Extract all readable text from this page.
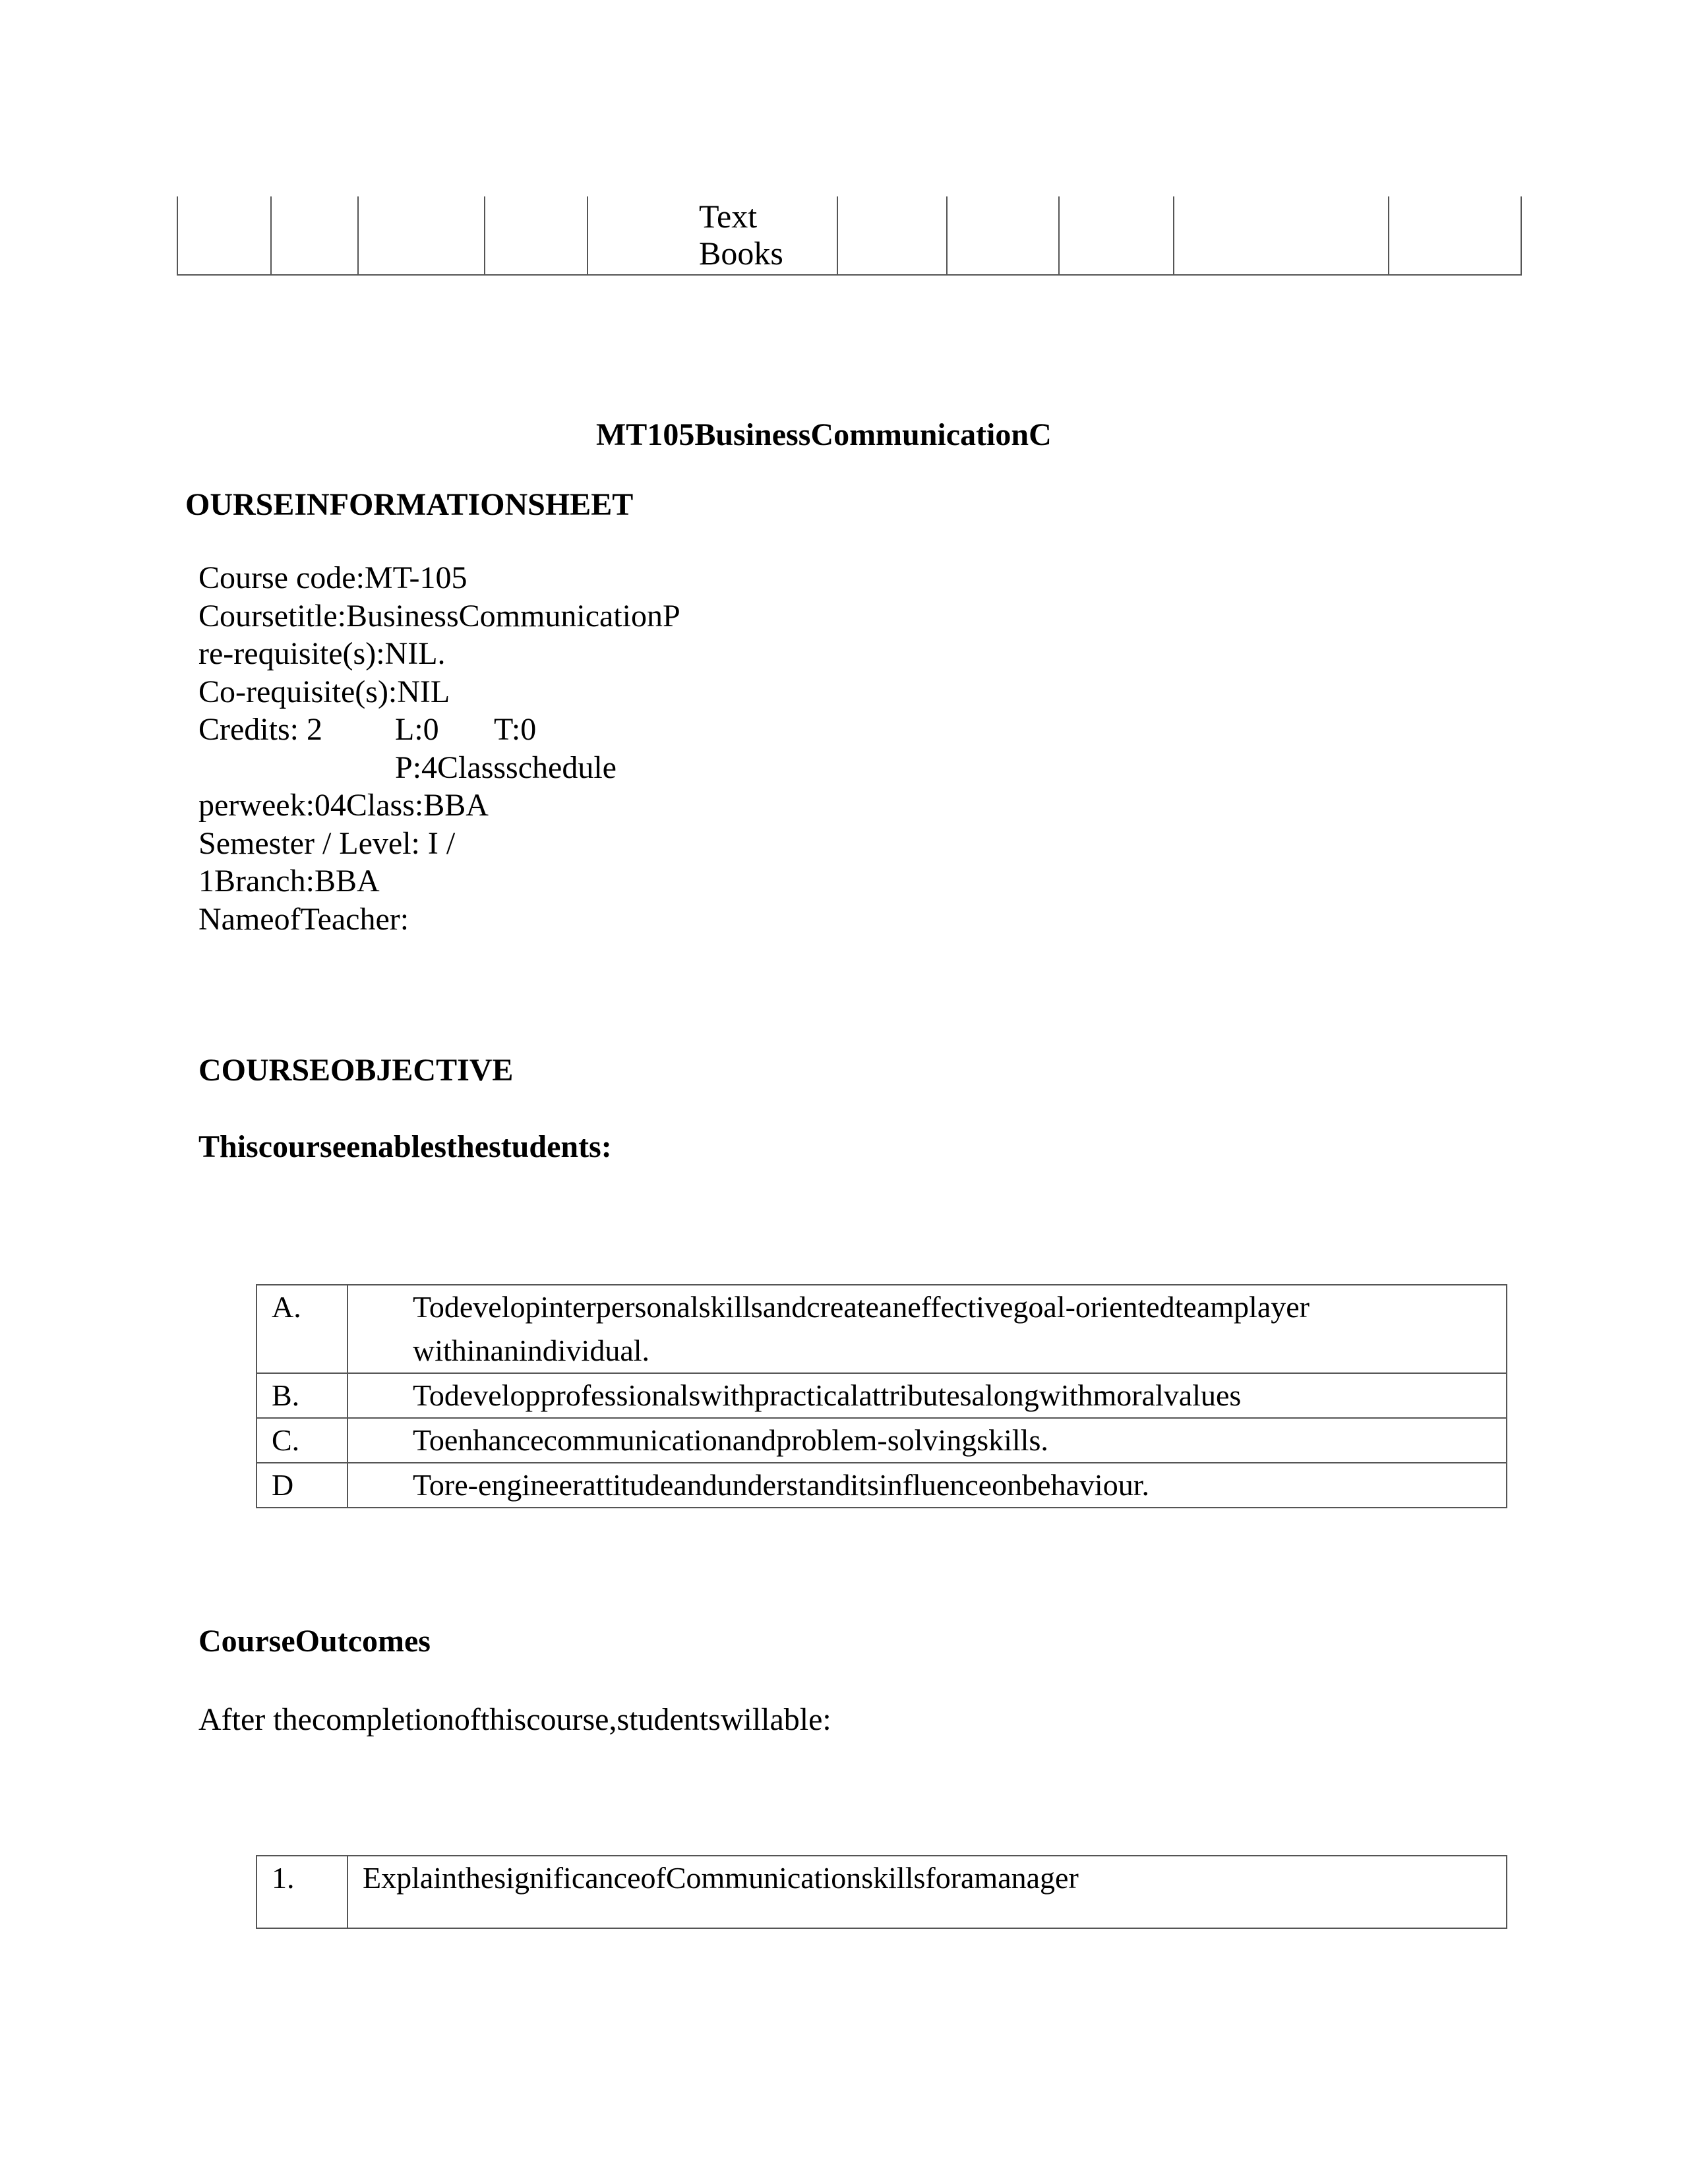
Text
Books

MT105BusinessCommunicationC
OURSEINFORMATIONSHEET
Course code:MT-105
Coursetitle:BusinessCommunicationP
re-requisite(s):NIL.
Co-requisite(s):NIL

Credits: 2

L:0

T:0

P:4Classschedule
perweek:04Class:BBA
Semester / Level: I /
1Branch:BBA
NameofTeacher:
COURSEOBJECTIVE
Thiscourseenablesthestudents:
A.	Todevelopinterpersonalskillsandcreateaneffectivegoal-orientedteamplayer
withinanindividual.

B.	Todevelopprofessionalswithpracticalattributesalongwithmoralvalues
C.	Toenhancecommunicationandproblem-solvingskills.
D	Tore-engineerattitudeandunderstanditsinfluenceonbehaviour.
CourseOutcomes
After thecompletionofthiscourse,studentswillable:
1.	ExplainthesignificanceofCommunicationskillsforamanager
